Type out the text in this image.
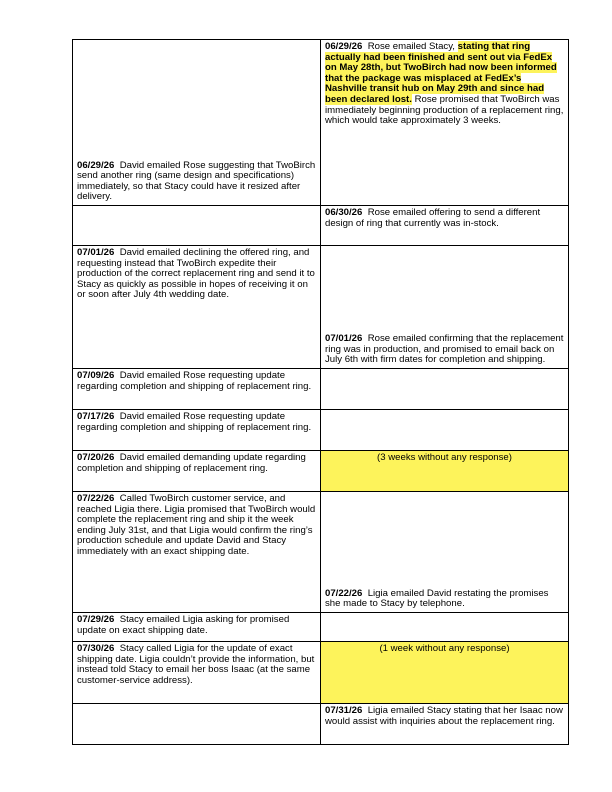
06/29/26 David emailed Rose suggesting that TwoBirch send another ring (same design and specifications) immediately, so that Stacy could have it resized after delivery.	06/29/26 Rose emailed Stacy, stating that ring actually had been finished and sent out via FedEx on May 28th, but TwoBirch had now been informed that the package was misplaced at FedEx’s Nashville transit hub on May 29th and since had been declared lost. Rose promised that TwoBirch was immediately beginning production of a replacement ring, which would take approximately 3 weeks.

	06/30/26 Rose emailed offering to send a different design of ring that currently was in-stock.

07/01/26 David emailed declining the offered ring, and requesting instead that TwoBirch expedite their production of the correct replacement ring and send it to Stacy as quickly as possible in hopes of receiving it on or soon after July 4th wedding date.	07/01/26 Rose emailed confirming that the replacement ring was in production, and promised to email back on July 6th with firm dates for completion and shipping.

07/09/26 David emailed Rose requesting update regarding completion and shipping of replacement ring.	

07/17/26 David emailed Rose requesting update regarding completion and shipping of replacement ring.	

07/20/26 David emailed demanding update regarding completion and shipping of replacement ring.	(3 weeks without any response)

07/22/26 Called TwoBirch customer service, and reached Ligia there. Ligia promised that TwoBirch would complete the replacement ring and ship it the week ending July 31st, and that Ligia would confirm the ring’s production schedule and update David and Stacy immediately with an exact shipping date.	07/22/26 Ligia emailed David restating the promises she made to Stacy by telephone.

07/29/26 Stacy emailed Ligia asking for promised update on exact shipping date.	

07/30/26 Stacy called Ligia for the update of exact shipping date. Ligia couldn’t provide the information, but instead told Stacy to email her boss Isaac (at the same customer-service address).	(1 week without any response)

	07/31/26 Ligia emailed Stacy stating that her Isaac now would assist with inquiries about the replacement ring.
